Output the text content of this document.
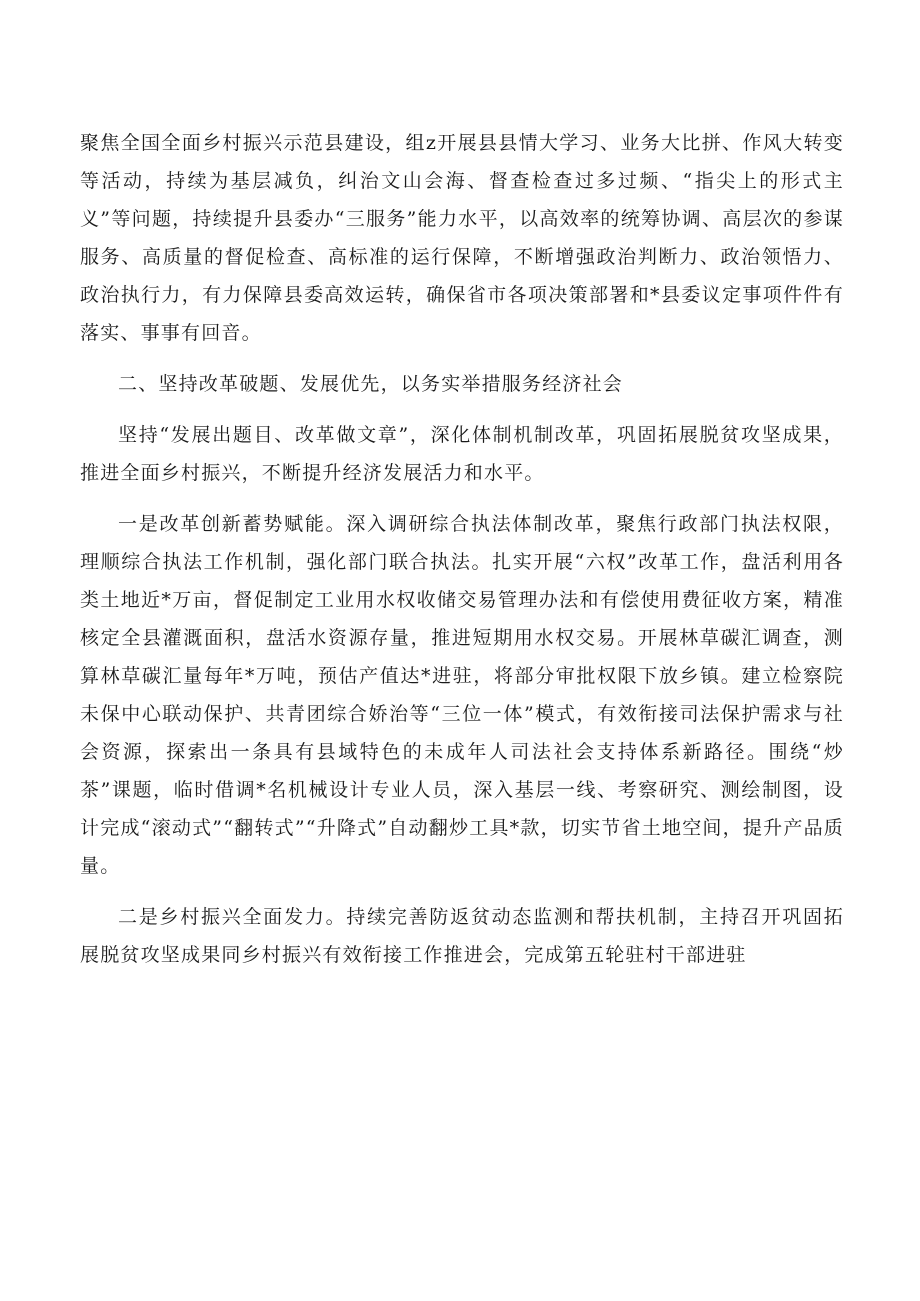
聚焦全国全面乡村振兴示范县建设，组z开展县县情大学习、业务大比拼、作风大转变等活动，持续为基层减负，纠治文山会海、督查检查过多过频、“指尖上的形式主义”等问题，持续提升县委办“三服务”能力水平，以高效率的统筹协调、高层次的参谋服务、高质量的督促检查、高标准的运行保障，不断增强政治判断力、政治领悟力、政治执行力，有力保障县委高效运转，确保省市各项决策部署和*县委议定事项件件有落实、事事有回音。

二、坚持改革破题、发展优先，以务实举措服务经济社会

坚持“发展出题目、改革做文章”，深化体制机制改革，巩固拓展脱贫攻坚成果，推进全面乡村振兴，不断提升经济发展活力和水平。

一是改革创新蓄势赋能。深入调研综合执法体制改革，聚焦行政部门执法权限，理顺综合执法工作机制，强化部门联合执法。扎实开展“六权”改革工作，盘活利用各类土地近*万亩，督促制定工业用水权收储交易管理办法和有偿使用费征收方案，精准核定全县灌溉面积，盘活水资源存量，推进短期用水权交易。开展林草碳汇调查，测算林草碳汇量每年*万吨，预估产值达*进驻，将部分审批权限下放乡镇。建立检察院未保中心联动保护、共青团综合娇治等“三位一体”模式，有效衔接司法保护需求与社会资源，探索出一条具有县域特色的未成年人司法社会支持体系新路径。围绕“炒茶”课题，临时借调*名机械设计专业人员，深入基层一线、考察研究、测绘制图，设计完成“滚动式”“翻转式”“升降式”自动翻炒工具*款，切实节省土地空间，提升产品质量。

二是乡村振兴全面发力。持续完善防返贫动态监测和帮扶机制，主持召开巩固拓展脱贫攻坚成果同乡村振兴有效衔接工作推进会，完成第五轮驻村干部进驻
